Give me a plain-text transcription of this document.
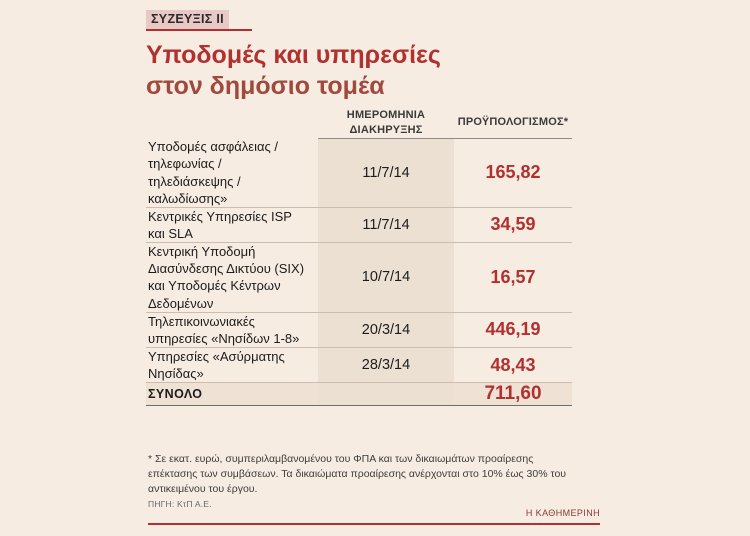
ΣΥΖΕΥΞΙΣ ΙΙ
Υποδομές και υπηρεσίες
στον δημόσιο τομέα

	ΗΜΕΡΟΜΗΝΙΑ
ΔΙΑΚΗΡΥΞΗΣ	ΠΡΟΫΠΟΛΟΓΙΣΜΟΣ*

Υποδομές ασφάλειας / τηλεφωνίας / τηλεδιάσκεψης / καλωδίωσης»	11/7/14	165,82
Κεντρικές Υπηρεσίες ISP και SLA	11/7/14	34,59
Κεντρική Υποδομή Διασύνδεσης Δικτύου (SIX) και Υποδομές Κέντρων Δεδομένων	10/7/14	16,57
Τηλεπικοινωνιακές υπηρεσίες «Νησίδων 1-8»	20/3/14	446,19
Υπηρεσίες «Ασύρματης Νησίδας»	28/3/14	48,43
ΣΥΝΟΛΟ		711,60
* Σε εκατ. ευρώ, συμπεριλαμβανομένου του ΦΠΑ και των δικαιωμάτων προαίρεσης επέκτασης των συμβάσεων. Τα δικαιώματα προαίρεσης ανέρχονται στο 10% έως 30% του αντικειμένου του έργου.
ΠΗΓΗ: ΚτΠ Α.Ε.
Η ΚΑΘΗΜΕΡΙΝΗ
